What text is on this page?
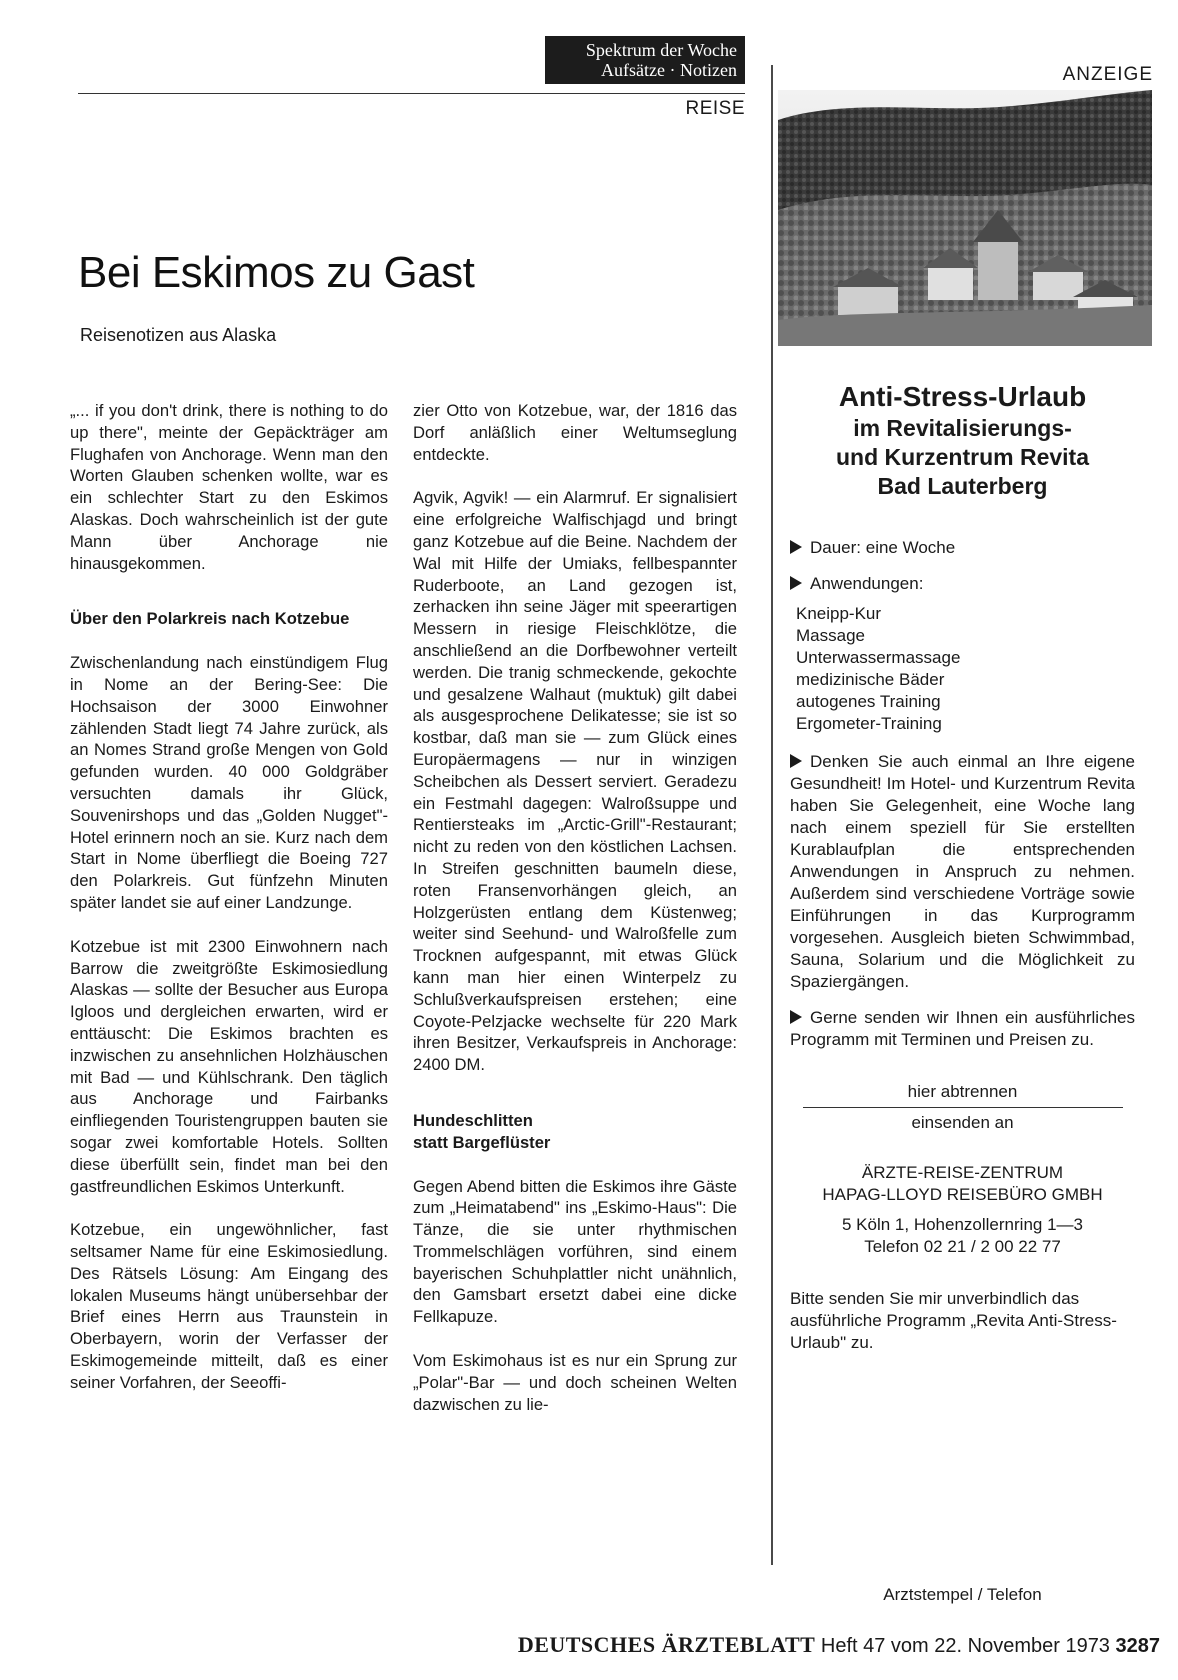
Spektrum der Woche
Aufsätze · Notizen
REISE
ANZEIGE
Bei Eskimos zu Gast
Reisenotizen aus Alaska

„... if you don't drink, there is nothing to do up there", meinte der Gepäckträger am Flughafen von Anchorage. Wenn man den Worten Glauben schenken wollte, war es ein schlechter Start zu den Eskimos Alaskas. Doch wahrscheinlich ist der gute Mann über Anchorage nie hinausgekommen.

Über den Polarkreis nach Kotzebue

Zwischenlandung nach einstündigem Flug in Nome an der Bering-See: Die Hochsaison der 3000 Einwohner zählenden Stadt liegt 74 Jahre zurück, als an Nomes Strand große Mengen von Gold gefunden wurden. 40 000 Goldgräber versuchten damals ihr Glück, Souvenirshops und das „Golden Nugget"-Hotel erinnern noch an sie. Kurz nach dem Start in Nome überfliegt die Boeing 727 den Polarkreis. Gut fünfzehn Minuten später landet sie auf einer Landzunge.

Kotzebue ist mit 2300 Einwohnern nach Barrow die zweitgrößte Eskimosiedlung Alaskas — sollte der Besucher aus Europa Igloos und dergleichen erwarten, wird er enttäuscht: Die Eskimos brachten es inzwischen zu ansehnlichen Holzhäuschen mit Bad — und Kühlschrank. Den täglich aus Anchorage und Fairbanks einfliegenden Touristengruppen bauten sie sogar zwei komfortable Hotels. Sollten diese überfüllt sein, findet man bei den gastfreundlichen Eskimos Unterkunft.

Kotzebue, ein ungewöhnlicher, fast seltsamer Name für eine Eskimosiedlung. Des Rätsels Lösung: Am Eingang des lokalen Museums hängt unübersehbar der Brief eines Herrn aus Traunstein in Oberbayern, worin der Verfasser der Eskimogemeinde mitteilt, daß es einer seiner Vorfahren, der Seeoffi-

zier Otto von Kotzebue, war, der 1816 das Dorf anläßlich einer Weltumseglung entdeckte.

Agvik, Agvik! — ein Alarmruf. Er signalisiert eine erfolgreiche Walfischjagd und bringt ganz Kotzebue auf die Beine. Nachdem der Wal mit Hilfe der Umiaks, fellbespannter Ruderboote, an Land gezogen ist, zerhacken ihn seine Jäger mit speerartigen Messern in riesige Fleischklötze, die anschließend an die Dorfbewohner verteilt werden. Die tranig schmeckende, gekochte und gesalzene Walhaut (muktuk) gilt dabei als ausgesprochene Delikatesse; sie ist so kostbar, daß man sie — zum Glück eines Europäermagens — nur in winzigen Scheibchen als Dessert serviert. Geradezu ein Festmahl dagegen: Walroßsuppe und Rentiersteaks im „Arctic-Grill"-Restaurant; nicht zu reden von den köstlichen Lachsen. In Streifen geschnitten baumeln diese, roten Fransenvorhängen gleich, an Holzgerüsten entlang dem Küstenweg; weiter sind Seehund- und Walroßfelle zum Trocknen aufgespannt, mit etwas Glück kann man hier einen Winterpelz zu Schlußverkaufspreisen erstehen; eine Coyote-Pelzjacke wechselte für 220 Mark ihren Besitzer, Verkaufspreis in Anchorage: 2400 DM.

Hundeschlitten
statt Bargeflüster

Gegen Abend bitten die Eskimos ihre Gäste zum „Heimatabend" ins „Eskimo-Haus": Die Tänze, die sie unter rhythmischen Trommelschlägen vorführen, sind einem bayerischen Schuhplattler nicht unähnlich, den Gamsbart ersetzt dabei eine dicke Fellkapuze.

Vom Eskimohaus ist es nur ein Sprung zur „Polar"-Bar — und doch scheinen Welten dazwischen zu lie-

Anti-Stress-Urlaub
im Revitalisierungs-
und Kurzentrum Revita
Bad Lauterberg

Dauer: eine Woche

Anwendungen:

Kneipp-Kur
Massage
Unterwassermassage
medizinische Bäder
autogenes Training
Ergometer-Training

Denken Sie auch einmal an Ihre eigene Gesundheit! Im Hotel- und Kurzentrum Revita haben Sie Gelegenheit, eine Woche lang nach einem speziell für Sie erstellten Kurablaufplan die entsprechenden Anwendungen in Anspruch zu nehmen. Außerdem sind verschiedene Vorträge sowie Einführungen in das Kurprogramm vorgesehen. Ausgleich bieten Schwimmbad, Sauna, Solarium und die Möglichkeit zu Spaziergängen.

Gerne senden wir Ihnen ein ausführliches Programm mit Terminen und Preisen zu.

hier abtrennen
einsenden an
ÄRZTE-REISE-ZENTRUM
HAPAG-LLOYD REISEBÜRO GMBH
5 Köln 1, Hohenzollernring 1—3
Telefon 02 21 / 2 00 22 77
Bitte senden Sie mir unverbindlich das ausführliche Programm „Revita Anti-Stress-Urlaub" zu.
Arztstempel / Telefon
DEUTSCHES ÄRZTEBLATT Heft 47 vom 22. November 1973 3287
